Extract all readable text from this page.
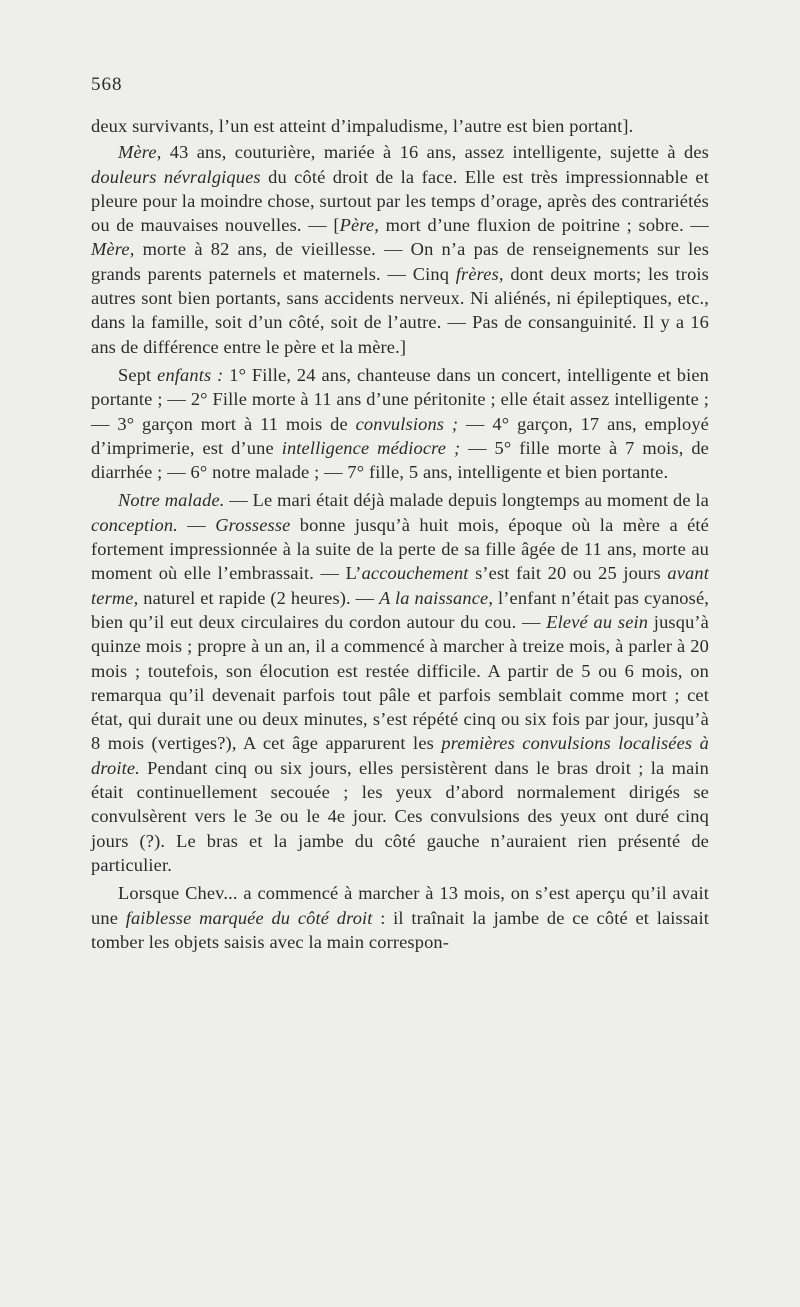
568

deux survivants, l’un est atteint d’impaludisme, l’autre est bien portant].

Mère, 43 ans, couturière, mariée à 16 ans, assez intelligente, sujette à des douleurs névralgiques du côté droit de la face. Elle est très impressionnable et pleure pour la moindre chose, surtout par les temps d’orage, après des contrariétés ou de mauvaises nouvelles. — [Père, mort d’une fluxion de poitrine ; sobre. — Mère, morte à 82 ans, de vieillesse. — On n’a pas de renseignements sur les grands parents paternels et maternels. — Cinq frères, dont deux morts; les trois autres sont bien portants, sans accidents nerveux. Ni aliénés, ni épileptiques, etc., dans la famille, soit d’un côté, soit de l’autre. — Pas de consanguinité. Il y a 16 ans de différence entre le père et la mère.]

Sept enfants : 1° Fille, 24 ans, chanteuse dans un concert, intelligente et bien portante ; — 2° Fille morte à 11 ans d’une péritonite ; elle était assez intelligente ; — 3° garçon mort à 11 mois de convulsions ; — 4° garçon, 17 ans, employé d’imprimerie, est d’une intelligence médiocre ; — 5° fille morte à 7 mois, de diarrhée ; — 6° notre malade ; — 7° fille, 5 ans, intelligente et bien portante.

Notre malade. — Le mari était déjà malade depuis longtemps au moment de la conception. — Grossesse bonne jusqu’à huit mois, époque où la mère a été fortement impressionnée à la suite de la perte de sa fille âgée de 11 ans, morte au moment où elle l’embrassait. — L’accouchement s’est fait 20 ou 25 jours avant terme, naturel et rapide (2 heures). — A la naissance, l’enfant n’était pas cyanosé, bien qu’il eut deux circulaires du cordon autour du cou. — Elevé au sein jusqu’à quinze mois ; propre à un an, il a commencé à marcher à treize mois, à parler à 20 mois ; toutefois, son élocution est restée difficile. A partir de 5 ou 6 mois, on remarqua qu’il devenait parfois tout pâle et parfois semblait comme mort ; cet état, qui durait une ou deux minutes, s’est répété cinq ou six fois par jour, jusqu’à 8 mois (vertiges?), A cet âge apparurent les premières convulsions localisées à droite. Pendant cinq ou six jours, elles persistèrent dans le bras droit ; la main était continuellement secouée ; les yeux d’abord normalement dirigés se convulsèrent vers le 3e ou le 4e jour. Ces convulsions des yeux ont duré cinq jours (?). Le bras et la jambe du côté gauche n’auraient rien présenté de particulier.

Lorsque Chev... a commencé à marcher à 13 mois, on s’est aperçu qu’il avait une faiblesse marquée du côté droit : il traînait la jambe de ce côté et laissait tomber les objets saisis avec la main correspon-
